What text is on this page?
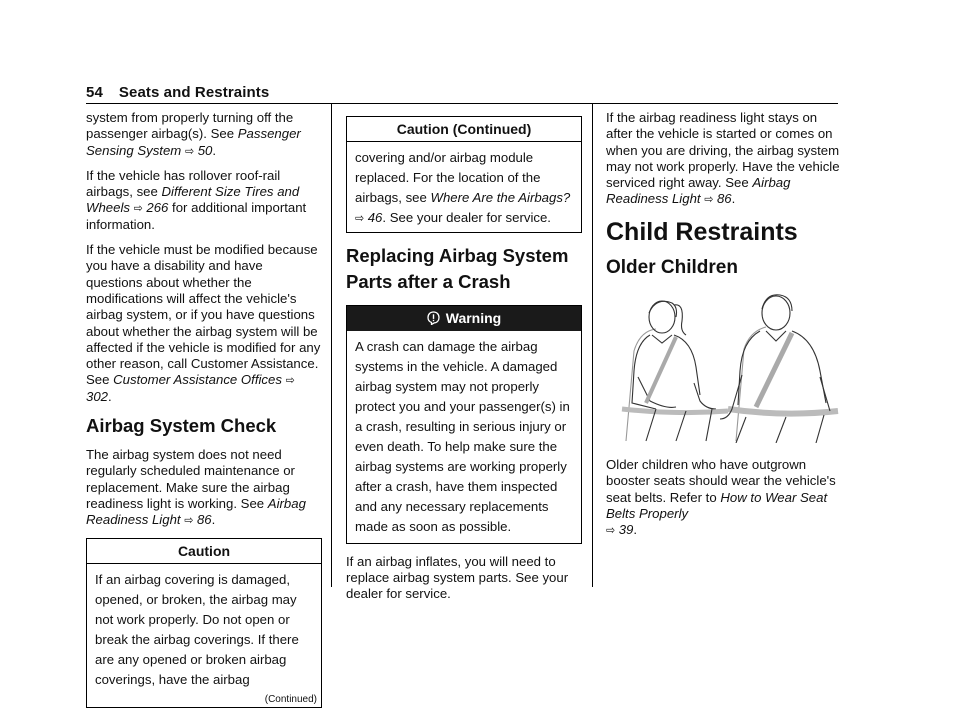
54 Seats and Restraints

system from properly turning off the passenger airbag(s). See Passenger Sensing System ⇨ 50.

If the vehicle has rollover roof-rail airbags, see Different Size Tires and Wheels ⇨ 266 for additional important information.

If the vehicle must be modified because you have a disability and have questions about whether the modifications will affect the vehicle's airbag system, or if you have questions about whether the airbag system will be affected if the vehicle is modified for any other reason, call Customer Assistance. See Customer Assistance Offices ⇨ 302.

Airbag System Check

The airbag system does not need regularly scheduled maintenance or replacement. Make sure the airbag readiness light is working. See Airbag Readiness Light ⇨ 86.

Caution
If an airbag covering is damaged, opened, or broken, the airbag may not work properly. Do not open or break the airbag coverings. If there are any opened or broken airbag coverings, have the airbag
(Continued)
Caution (Continued)
covering and/or airbag module replaced. For the location of the airbags, see Where Are the Airbags? ⇨ 46. See your dealer for service.
Replacing Airbag System Parts after a Crash
Warning
A crash can damage the airbag systems in the vehicle. A damaged airbag system may not properly protect you and your passenger(s) in a crash, resulting in serious injury or even death. To help make sure the airbag systems are working properly after a crash, have them inspected and any necessary replacements made as soon as possible.

If an airbag inflates, you will need to replace airbag system parts. See your dealer for service.

If the airbag readiness light stays on after the vehicle is started or comes on when you are driving, the airbag system may not work properly. Have the vehicle serviced right away. See Airbag Readiness Light ⇨ 86.

Child Restraints
Older Children

Older children who have outgrown booster seats should wear the vehicle's seat belts. Refer to How to Wear Seat Belts Properly
⇨ 39.
